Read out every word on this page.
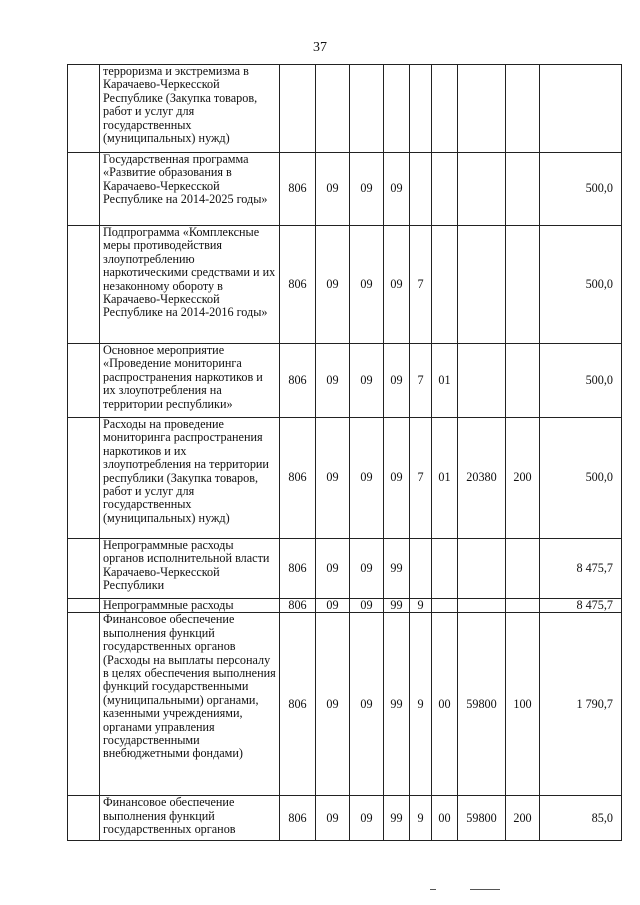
37
	терроризма и экстремизма в Карачаево-Черкесской Республике (Закупка товаров, работ и услуг для государственных (муниципальных) нужд)									
	Государственная программа «Развитие образования в Карачаево-Черкесской Республике на 2014-2025 годы»	806	09	09	09					500,0
	Подпрограмма «Комплексные меры противодействия злоупотреблению наркотическими средствами и их незаконному обороту в Карачаево-Черкесской Республике на 2014-2016 годы»	806	09	09	09	7				500,0
	Основное мероприятие «Проведение мониторинга распространения наркотиков и их злоупотребления на территории республики»	806	09	09	09	7	01			500,0
	Расходы на проведение мониторинга распространения наркотиков и их злоупотребления на территории республики (Закупка товаров, работ и услуг для государственных (муниципальных) нужд)	806	09	09	09	7	01	20380	200	500,0
	Непрограммные расходы органов исполнительной власти Карачаево-Черкесской Республики	806	09	09	99					8 475,7
	Непрограммные расходы	806	09	09	99	9				8 475,7
	Финансовое обеспечение выполнения функций государственных органов (Расходы на выплаты персоналу в целях обеспечения выполнения функций государственными (муниципальными) органами, казенными учреждениями, органами управления государственными внебюджетными фондами)	806	09	09	99	9	00	59800	100	1 790,7
	Финансовое обеспечение выполнения функций государственных органов	806	09	09	99	9	00	59800	200	85,0
